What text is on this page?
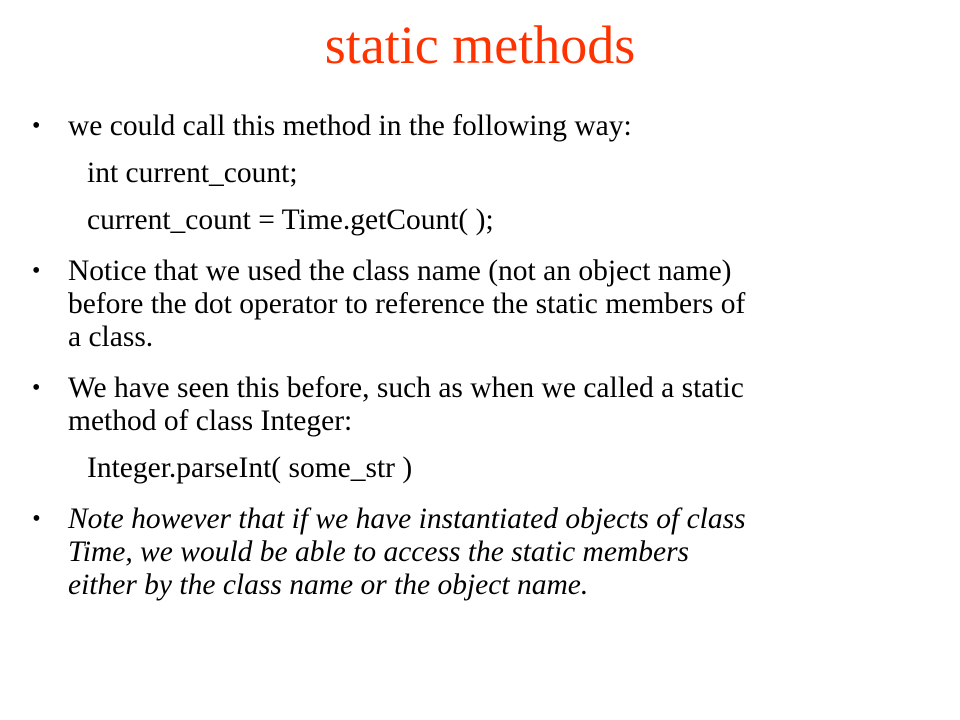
static methods
• we could call this method in the following way:
int current_count;
current_count = Time.getCount( );
• Notice that we used the class name (not an object name)
before the dot operator to reference the static members of
a class.
• We have seen this before, such as when we called a static
method of class Integer:
Integer.parseInt( some_str )
• Note however that if we have instantiated objects of class
Time, we would be able to access the static members
either by the class name or the object name.
